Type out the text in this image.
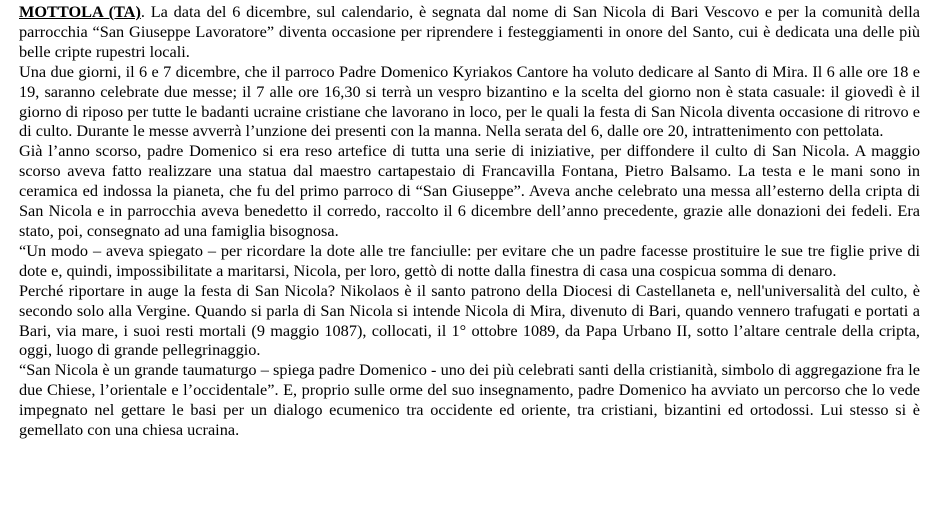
MOTTOLA (TA). La data del 6 dicembre, sul calendario, è segnata dal nome di San Nicola di Bari Vescovo e per la comunità della parrocchia “San Giuseppe Lavoratore” diventa occasione per riprendere i festeggiamenti in onore del Santo, cui è dedicata una delle più belle cripte rupestri locali.

Una due giorni, il 6 e 7 dicembre, che il parroco Padre Domenico Kyriakos Cantore ha voluto dedicare al Santo di Mira. Il 6 alle ore 18 e 19, saranno celebrate due messe; il 7 alle ore 16,30 si terrà un vespro bizantino e la scelta del giorno non è stata casuale: il giovedì è il giorno di riposo per tutte le badanti ucraine cristiane che lavorano in loco, per le quali la festa di San Nicola diventa occasione di ritrovo e di culto. Durante le messe avverrà l’unzione dei presenti con la manna. Nella serata del 6, dalle ore 20, intrattenimento con pettolata.

Già l’anno scorso, padre Domenico si era reso artefice di tutta una serie di iniziative, per diffondere il culto di San Nicola. A maggio scorso aveva fatto realizzare una statua dal maestro cartapestaio di Francavilla Fontana, Pietro Balsamo. La testa e le mani sono in ceramica ed indossa la pianeta, che fu del primo parroco di “San Giuseppe”. Aveva anche celebrato una messa all’esterno della cripta di San Nicola e in parrocchia aveva benedetto il corredo, raccolto il 6 dicembre dell’anno precedente, grazie alle donazioni dei fedeli. Era stato, poi, consegnato ad una famiglia bisognosa.

“Un modo – aveva spiegato – per ricordare la dote alle tre fanciulle: per evitare che un padre facesse prostituire le sue tre figlie prive di dote e, quindi, impossibilitate a maritarsi, Nicola, per loro, gettò di notte dalla finestra di casa una cospicua somma di denaro.

Perché riportare in auge la festa di San Nicola? Nikolaos è il santo patrono della Diocesi di Castellaneta e, nell'universalità del culto, è secondo solo alla Vergine. Quando si parla di San Nicola si intende Nicola di Mira, divenuto di Bari, quando vennero trafugati e portati a Bari, via mare, i suoi resti mortali (9 maggio 1087), collocati, il 1° ottobre 1089, da Papa Urbano II, sotto l’altare centrale della cripta, oggi, luogo di grande pellegrinaggio.

“San Nicola è un grande taumaturgo – spiega padre Domenico - uno dei più celebrati santi della cristianità, simbolo di aggregazione fra le due Chiese, l’orientale e l’occidentale”. E, proprio sulle orme del suo insegnamento, padre Domenico ha avviato un percorso che lo vede impegnato nel gettare le basi per un dialogo ecumenico tra occidente ed oriente, tra cristiani, bizantini ed ortodossi. Lui stesso si è gemellato con una chiesa ucraina.
